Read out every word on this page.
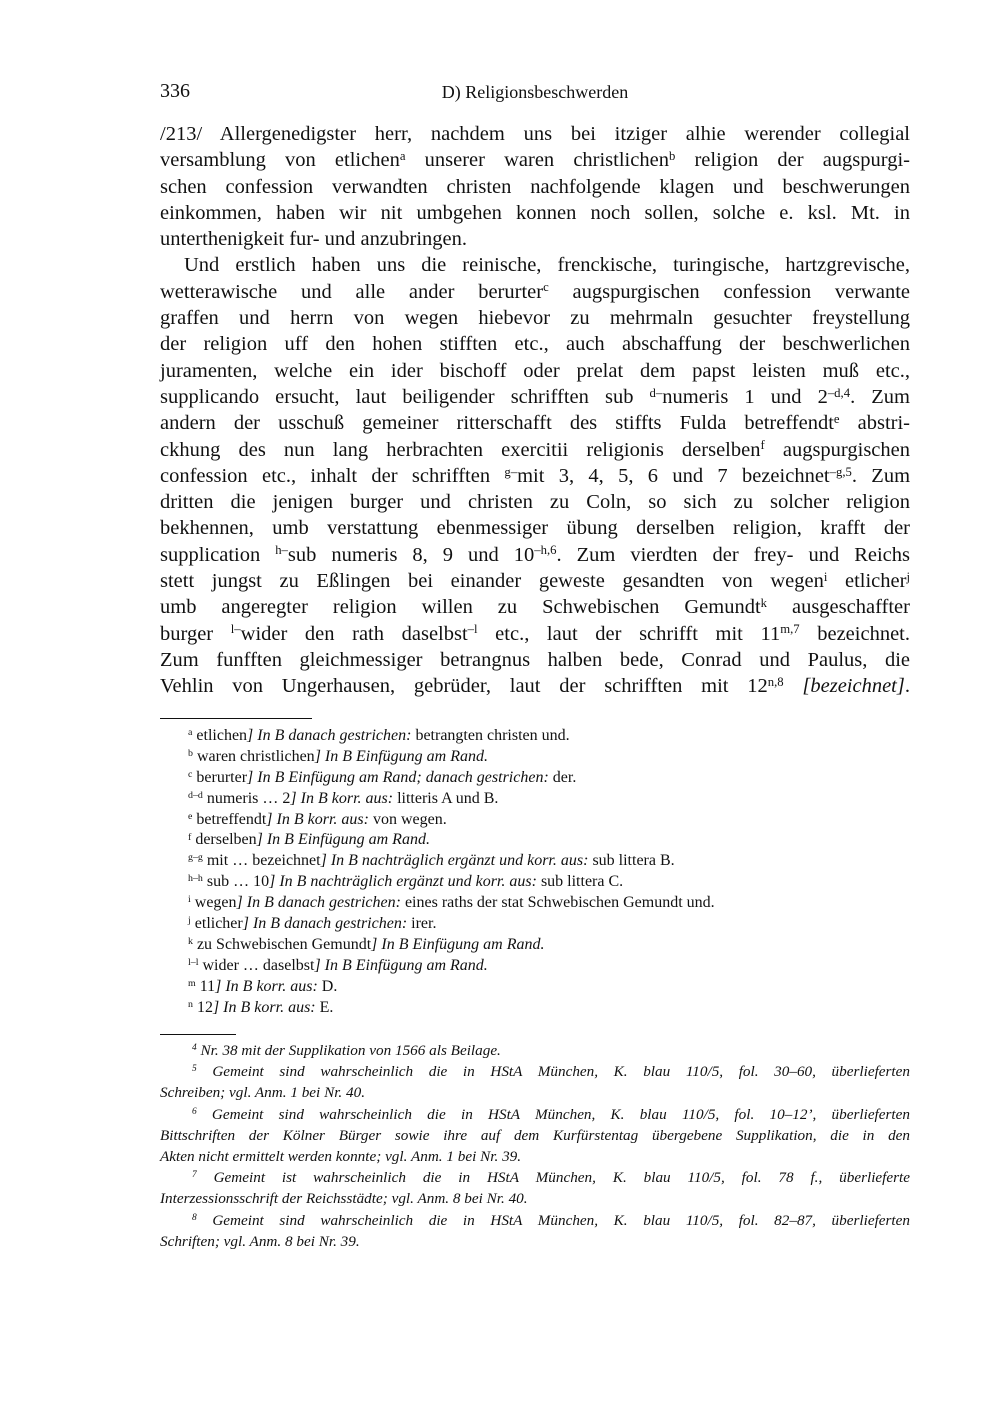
336	D) Religionsbeschwerden
/213/ Allergenedigster herr, nachdem uns bei itziger alhie werender collegial
versamblung von etlichen$^a$ unserer waren christlichen$^b$ religion der augspurgi-
schen confession verwandten christen nachfolgende klagen und beschwerungen
einkommen, haben wir nit umbgehen konnen noch sollen, solche e. ksl. Mt. in
unterthenigkeit fur- und anzubringen.
Und erstlich haben uns die reinische, frenckische, turingische, hartzgrevische,
wetterawische und alle ander berurter$^c$ augspurgischen confession verwante
graffen und herrn von wegen hiebevor zu mehrmaln gesuchter freystellung
der religion uff den hohen stifften etc., auch abschaffung der beschwerlichen
juramenten, welche ein ider bischoff oder prelat dem papst leisten muß etc.,
supplicando ersucht, laut beiligender schrifften sub $^{d-}$numeris 1 und $2^{-d,4}$. Zum
andern der usschuß gemeiner ritterschafft des stiffts Fulda betreffendt$^e$ abstri-
ckhung des nun lang herbrachten exercitii religionis derselben$^f$ augspurgischen
confession etc., inhalt der schrifften $^{g-}$mit 3, 4, 5, 6 und 7 bezeichnet$^{-g,5}$. Zum
dritten die jenigen burger und christen zu Coln, so sich zu solcher religion
bekhennen, umb verstattung ebenmessiger übung derselben religion, krafft der
supplication $^{h-}$sub numeris 8, 9 und $10^{-h,6}$. Zum vierdten der frey- und Reichs
stett jungst zu Eßlingen bei einander geweste gesandten von wegen$^i$ etlicher$^j$
umb angeregter religion willen zu Schwebischen Gemundt$^k$ ausgeschaffter
burger $^{l-}$wider den rath daselbst$^{-l}$ etc., laut der schrifft mit 11$^{m,7}$ bezeichnet.
Zum funfften gleichmessiger betrangnus halben bede, Conrad und Paulus, die
Vehlin von Ungerhausen, gebrüder, laut der schrifften mit 12$^{n,8}$ [bezeichnet].
$^a$ etlichen] In B danach gestrichen: betrangten christen und.
$^b$ waren christlichen] In B Einfügung am Rand.
$^c$ berurter] In B Einfügung am Rand; danach gestrichen: der.
$^{d-d}$ numeris … 2] In B korr. aus: litteris A und B.
$^e$ betreffendt] In B korr. aus: von wegen.
$^f$ derselben] In B Einfügung am Rand.
$^{g-g}$ mit … bezeichnet] In B nachträglich ergänzt und korr. aus: sub littera B.
$^{h-h}$ sub … 10] In B nachträglich ergänzt und korr. aus: sub littera C.
$^i$ wegen] In B danach gestrichen: eines raths der stat Schwebischen Gemundt und.
$^j$ etlicher] In B danach gestrichen: irer.
$^k$ zu Schwebischen Gemundt] In B Einfügung am Rand.
$^{l-l}$ wider … daselbst] In B Einfügung am Rand.
$^m$ 11] In B korr. aus: D.
$^n$ 12] In B korr. aus: E.
$^4$ Nr. 38 mit der Supplikation von 1566 als Beilage.
$^5$ Gemeint sind wahrscheinlich die in HStA München, K. blau 110/5, fol. 30–60, überlieferten
Schreiben; vgl. Anm. 1 bei Nr. 40.
$^6$ Gemeint sind wahrscheinlich die in HStA München, K. blau 110/5, fol. 10–12’, überlieferten
Bittschriften der Kölner Bürger sowie ihre auf dem Kurfürstentag übergebene Supplikation, die in den
Akten nicht ermittelt werden konnte; vgl. Anm. 1 bei Nr. 39.
$^7$ Gemeint ist wahrscheinlich die in HStA München, K. blau 110/5, fol. 78 f., überlieferte
Interzessionsschrift der Reichsstädte; vgl. Anm. 8 bei Nr. 40.
$^8$ Gemeint sind wahrscheinlich die in HStA München, K. blau 110/5, fol. 82–87, überlieferten
Schriften; vgl. Anm. 8 bei Nr. 39.
